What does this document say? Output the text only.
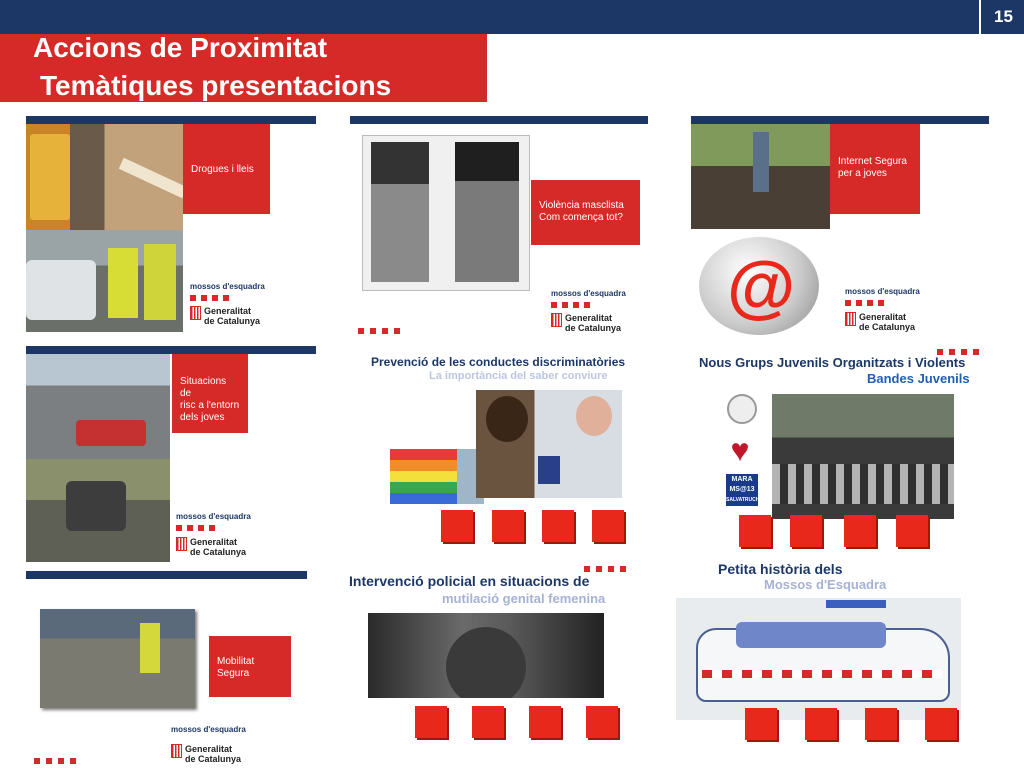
15
Accions de Proximitat
Temàtiques presentacions
Drogues i lleis
mossos d'esquadra
Generalitat
de Catalunya
Violència masclista
Com comença tot?
mossos d'esquadra
Generalitat
de Catalunya
Internet Segura
per a joves
@	mossos d'esquadra
Generalitat
de Catalunya
Situacions de
risc a l'entorn
dels joves
mossos d'esquadra
Generalitat
de Catalunya
Prevenció de les conductes discriminatòries
La importància del saber conviure
Nous Grups Juvenils Organitzats i Violents
Bandes Juvenils
♥
MARA
MS@13
SALVATRUCHA
Mobilitat
Segura
mossos d'esquadra
Generalitat
de Catalunya
Intervenció policial en situacions de
mutilació genital femenina
Petita història dels
Mossos d'Esquadra
